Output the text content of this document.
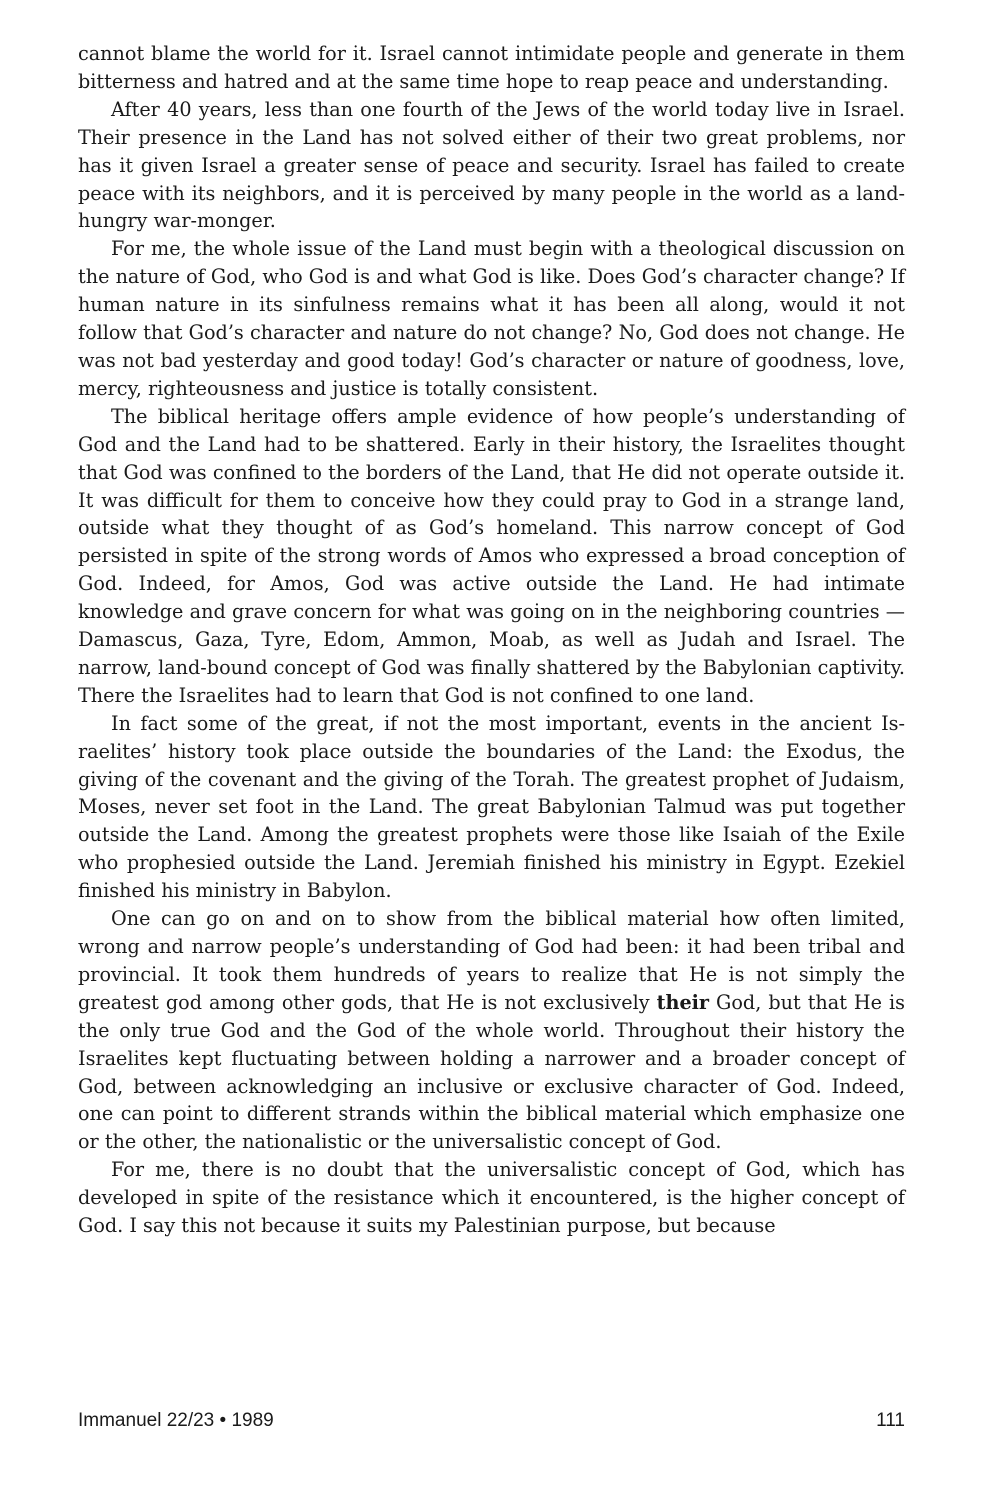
cannot blame the world for it. Israel cannot intimidate people and generate in them bitterness and hatred and at the same time hope to reap peace and understanding.

After 40 years, less than one fourth of the Jews of the world today live in Israel. Their presence in the Land has not solved either of their two great problems, nor has it given Israel a greater sense of peace and security. Israel has failed to create peace with its neighbors, and it is perceived by many people in the world as a land-hungry war-monger.

For me, the whole issue of the Land must begin with a theological discussion on the nature of God, who God is and what God is like. Does God’s character change? If human nature in its sinfulness remains what it has been all along, would it not follow that God’s character and nature do not change? No, God does not change. He was not bad yesterday and good today! God’s character or nature of goodness, love, mercy, righteousness and justice is totally consistent.

The biblical heritage offers ample evidence of how people’s understanding of God and the Land had to be shattered. Early in their history, the Israelites thought that God was confined to the borders of the Land, that He did not operate outside it. It was difficult for them to conceive how they could pray to God in a strange land, outside what they thought of as God’s homeland. This narrow concept of God persisted in spite of the strong words of Amos who expressed a broad conception of God. Indeed, for Amos, God was active outside the Land. He had intimate knowledge and grave concern for what was going on in the neighboring countries — Damascus, Gaza, Tyre, Edom, Ammon, Moab, as well as Judah and Israel. The narrow, land-bound concept of God was finally shattered by the Babylonian captivity. There the Israelites had to learn that God is not confined to one land.

In fact some of the great, if not the most important, events in the ancient Israelites’ history took place outside the boundaries of the Land: the Exodus, the giving of the covenant and the giving of the Torah. The greatest prophet of Judaism, Moses, never set foot in the Land. The great Babylonian Talmud was put together outside the Land. Among the greatest prophets were those like Isaiah of the Exile who prophesied outside the Land. Jeremiah finished his ministry in Egypt. Ezekiel finished his ministry in Babylon.

One can go on and on to show from the biblical material how often limited, wrong and narrow people’s understanding of God had been: it had been tribal and provincial. It took them hundreds of years to realize that He is not simply the greatest god among other gods, that He is not exclusively their God, but that He is the only true God and the God of the whole world. Throughout their history the Israelites kept fluctuating between holding a narrower and a broader concept of God, between acknowledging an inclusive or exclusive character of God. Indeed, one can point to different strands within the biblical material which emphasize one or the other, the nationalistic or the universalistic concept of God.

For me, there is no doubt that the universalistic concept of God, which has developed in spite of the resistance which it encountered, is the higher concept of God. I say this not because it suits my Palestinian purpose, but because

Immanuel 22/23 • 1989	111
